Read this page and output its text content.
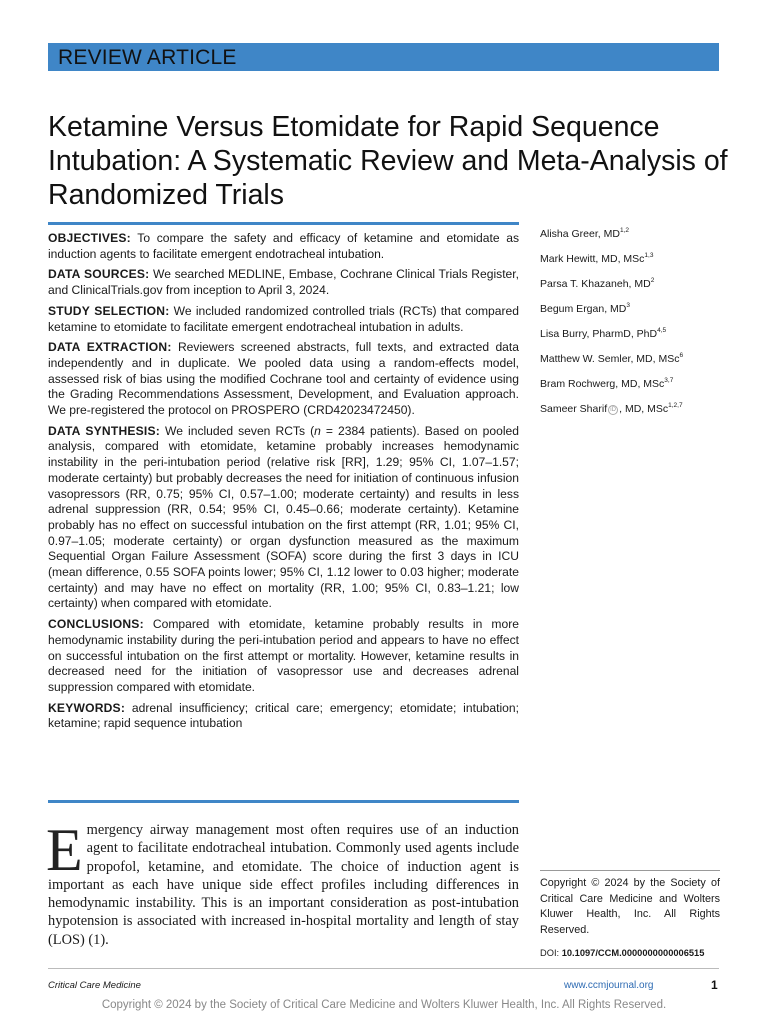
REVIEW ARTICLE
Ketamine Versus Etomidate for Rapid Sequence Intubation: A Systematic Review and Meta-Analysis of Randomized Trials

OBJECTIVES: To compare the safety and efficacy of ketamine and etomidate as induction agents to facilitate emergent endotracheal intubation.

DATA SOURCES: We searched MEDLINE, Embase, Cochrane Clinical Trials Register, and ClinicalTrials.gov from inception to April 3, 2024.

STUDY SELECTION: We included randomized controlled trials (RCTs) that compared ketamine to etomidate to facilitate emergent endotracheal intubation in adults.

DATA EXTRACTION: Reviewers screened abstracts, full texts, and extracted data independently and in duplicate. We pooled data using a random-effects model, assessed risk of bias using the modified Cochrane tool and certainty of evidence using the Grading Recommendations Assessment, Development, and Evaluation approach. We pre-registered the protocol on PROSPERO (CRD42023472450).

DATA SYNTHESIS: We included seven RCTs (n = 2384 patients). Based on pooled analysis, compared with etomidate, ketamine probably increases hemodynamic instability in the peri-intubation period (relative risk [RR], 1.29; 95% CI, 1.07–1.57; moderate certainty) but probably decreases the need for initiation of continuous infusion vasopressors (RR, 0.75; 95% CI, 0.57–1.00; moderate certainty) and results in less adrenal suppression (RR, 0.54; 95% CI, 0.45–0.66; moderate certainty). Ketamine probably has no effect on successful intubation on the first attempt (RR, 1.01; 95% CI, 0.97–1.05; moderate certainty) or organ dysfunction measured as the maximum Sequential Organ Failure Assessment (SOFA) score during the first 3 days in ICU (mean difference, 0.55 SOFA points lower; 95% CI, 1.12 lower to 0.03 higher; moderate certainty) and may have no effect on mortality (RR, 1.00; 95% CI, 0.83–1.21; low certainty) when compared with etomidate.

CONCLUSIONS: Compared with etomidate, ketamine probably results in more hemodynamic instability during the peri-intubation period and appears to have no effect on successful intubation on the first attempt or mortality. However, ketamine results in decreased need for the initiation of vasopressor use and decreases adrenal suppression compared with etomidate.

KEYWORDS: adrenal insufficiency; critical care; emergency; etomidate; intubation; ketamine; rapid sequence intubation

Alisha Greer, MD$^{1,2}$
Mark Hewitt, MD, MSc$^{1,3}$
Parsa T. Khazaneh, $MD^2$
Begum Ergan, $MD^3$
Lisa Burry, PharmD, PhD$^{4,5}$
Matthew W. Semler, MD, MSc$^6$
Bram Rochwerg, MD, MSc$^{3,7}$
Sameer Sharif iD , MD, MSc$^{1,2,7}$

Emergency airway management most often requires use of an induction agent to facilitate endotracheal intubation. Commonly used agents include propofol, ketamine, and etomidate. The choice of induction agent is important as each have unique side effect profiles including differences in hemodynamic instability. This is an important consideration as post-intubation hypotension is associated with increased in-hospital mortality and length of stay (LOS) (1).

Copyright © 2024 by the Society of Critical Care Medicine and Wolters Kluwer Health, Inc. All Rights Reserved.

DOI: 10.1097/CCM.0000000000006515
Critical Care Medicine	www.ccmjournal.org	1
Copyright © 2024 by the Society of Critical Care Medicine and Wolters Kluwer Health, Inc. All Rights Reserved.
